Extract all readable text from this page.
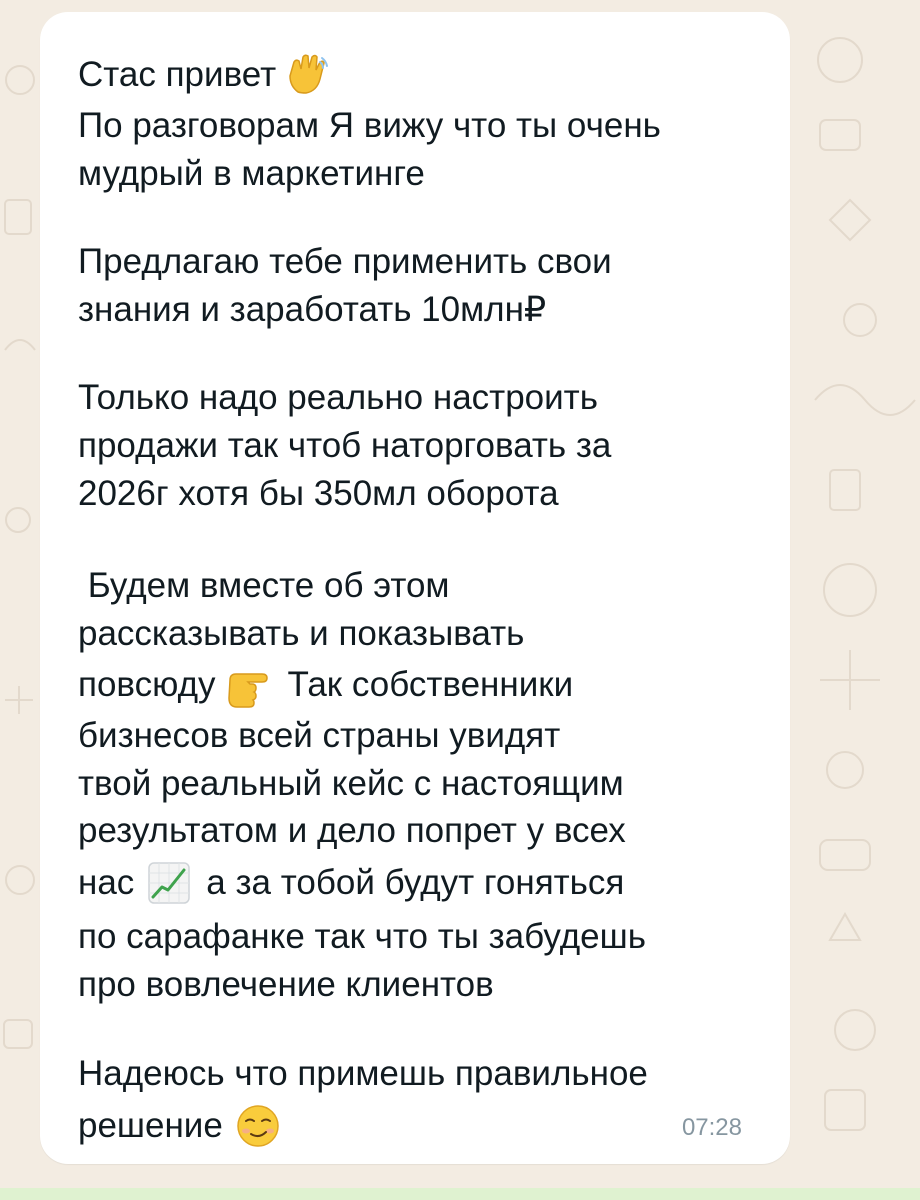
Стас привет
По разговорам Я вижу что ты очень
мудрый в маркетинге
Предлагаю тебе применить свои
знания и заработать 10млн₽
Только надо реально настроить
продажи так чтоб наторговать за
2026г хотя бы 350мл оборота
Будем вместе об этом
рассказывать и показывать
повсюду Так собственники
бизнесов всей страны увидят
твой реальный кейс с настоящим
результатом и дело попрет у всех
нас а за тобой будут гоняться
по сарафанке так что ты забудешь
про вовлечение клиентов
Надеюсь что примешь правильное
решение	07:28
